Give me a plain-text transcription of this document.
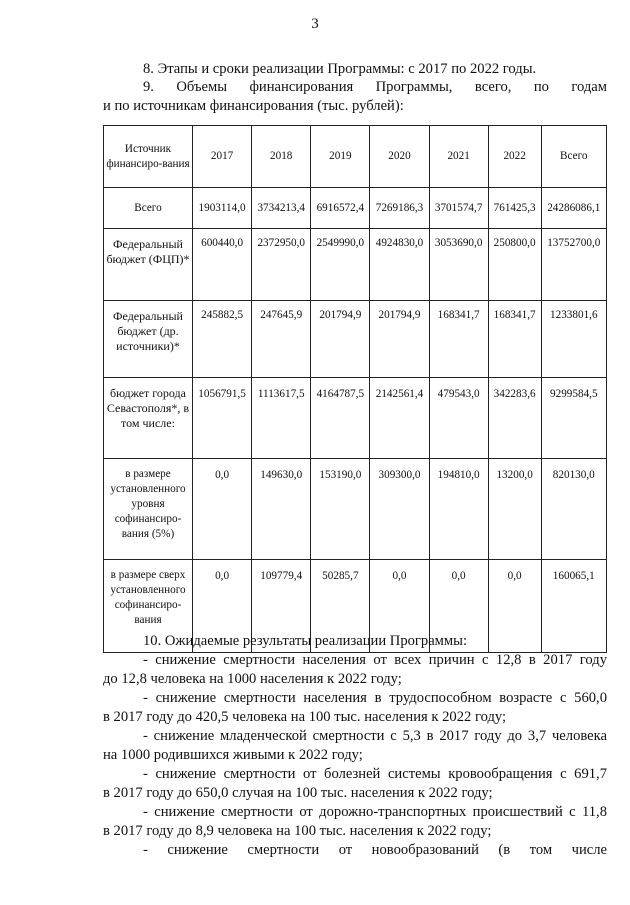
3

8. Этапы и сроки реализации Программы: с 2017 по 2022 годы.

9. Объемы финансирования Программы, всего, по годам
и по источникам финансирования (тыс. рублей):
Источник финансиро-вания	2017	2018	2019	2020	2021	2022	Всего
Всего	1903114,0	3734213,4	6916572,4	7269186,3	3701574,7	761425,3	24286086,1
Федеральный бюджет (ФЦП)*	600440,0	2372950,0	2549990,0	4924830,0	3053690,0	250800,0	13752700,0
Федеральный бюджет (др. источники)*	245882,5	247645,9	201794,9	201794,9	168341,7	168341,7	1233801,6
бюджет города Севастополя*, в том числе:	1056791,5	1113617,5	4164787,5	2142561,4	479543,0	342283,6	9299584,5
в размере установленного уровня софинансиро-вания (5%)	0,0	149630,0	153190,0	309300,0	194810,0	13200,0	820130,0
в размере сверх установленного софинансиро-вания	0,0	109779,4	50285,7	0,0	0,0	0,0	160065,1
10. Ожидаемые результаты реализации Программы:
- снижение смертности населения от всех причин с 12,8 в 2017 году
до 12,8 человека на 1000 населения к 2022 году;
- снижение смертности населения в трудоспособном возрасте с 560,0
в 2017 году до 420,5 человека на 100 тыс. населения к 2022 году;
- снижение младенческой смертности с 5,3 в 2017 году до 3,7 человека
на 1000 родившихся живыми к 2022 году;
- снижение смертности от болезней системы кровообращения с 691,7
в 2017 году до 650,0 случая на 100 тыс. населения к 2022 году;
- снижение смертности от дорожно-транспортных происшествий с 11,8
в 2017 году до 8,9 человека на 100 тыс. населения к 2022 году;
- снижение смертности от новообразований (в том числе
